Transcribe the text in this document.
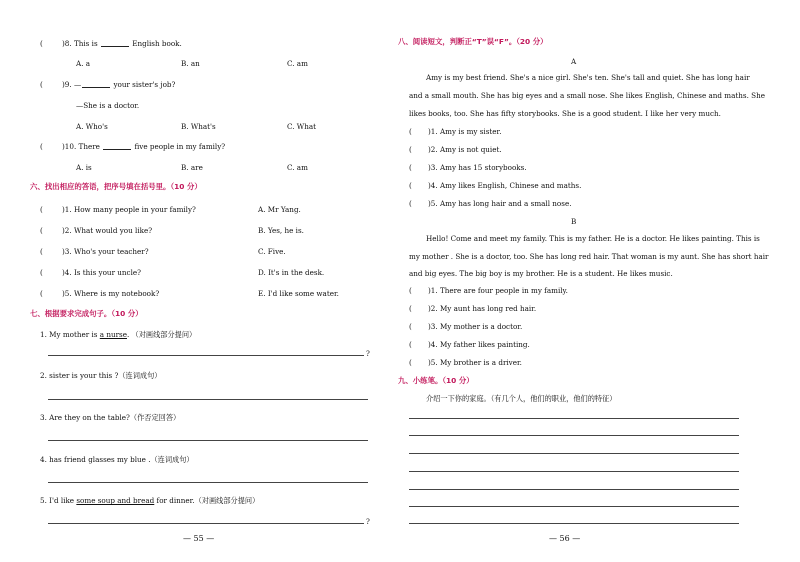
(	)8. This is	English book.
A. a	B. an	C. am
(	)9. —	your sister's job?
—She is a doctor.
A. Who's	B. What's	C. What
(	)10. There	five people in my family?
A. is	B. are	C. am
六、找出相应的答语，把序号填在括号里。（10 分）
(	)1. How many people in your family?	A. Mr Yang.
(	)2. What would you like?	B. Yes, he is.
(	)3. Who's your teacher?	C. Five.
(	)4. Is this your uncle?	D. It's in the desk.
(	)5. Where is my notebook?	E. I'd like some water.
七、根据要求完成句子。（10 分）
1. My mother is a nurse. （对画线部分提问）
?
2. sister is your this ?（连词成句）
3. Are they on the table?（作否定回答）
4. has friend glasses my blue .（连词成句）
5. I'd like some soup and bread for dinner.（对画线部分提问）
?
— 55 —
八、阅读短文，判断正“T”误“F”。（20 分）
A
Amy is my best friend. She's a nice girl. She's ten. She's tall and quiet. She has long hair
and a small mouth. She has big eyes and a small nose. She likes English, Chinese and maths. She
likes books, too. She has fifty storybooks. She is a good student. I like her very much.
( )1. Amy is my sister.
( )2. Amy is not quiet.
( )3. Amy has 15 storybooks.
( )4. Amy likes English, Chinese and maths.
( )5. Amy has long hair and a small nose.
B
Hello! Come and meet my family. This is my father. He is a doctor. He likes painting. This is
my mother . She is a doctor, too. She has long red hair. That woman is my aunt. She has short hair
and big eyes. The big boy is my brother. He is a student. He likes music.
( )1. There are four people in my family.
( )2. My aunt has long red hair.
( )3. My mother is a doctor.
( )4. My father likes painting.
( )5. My brother is a driver.
九、小练笔。（10 分）
介绍一下你的家庭。（有几个人，他们的职业，他们的特征）
— 56 —
